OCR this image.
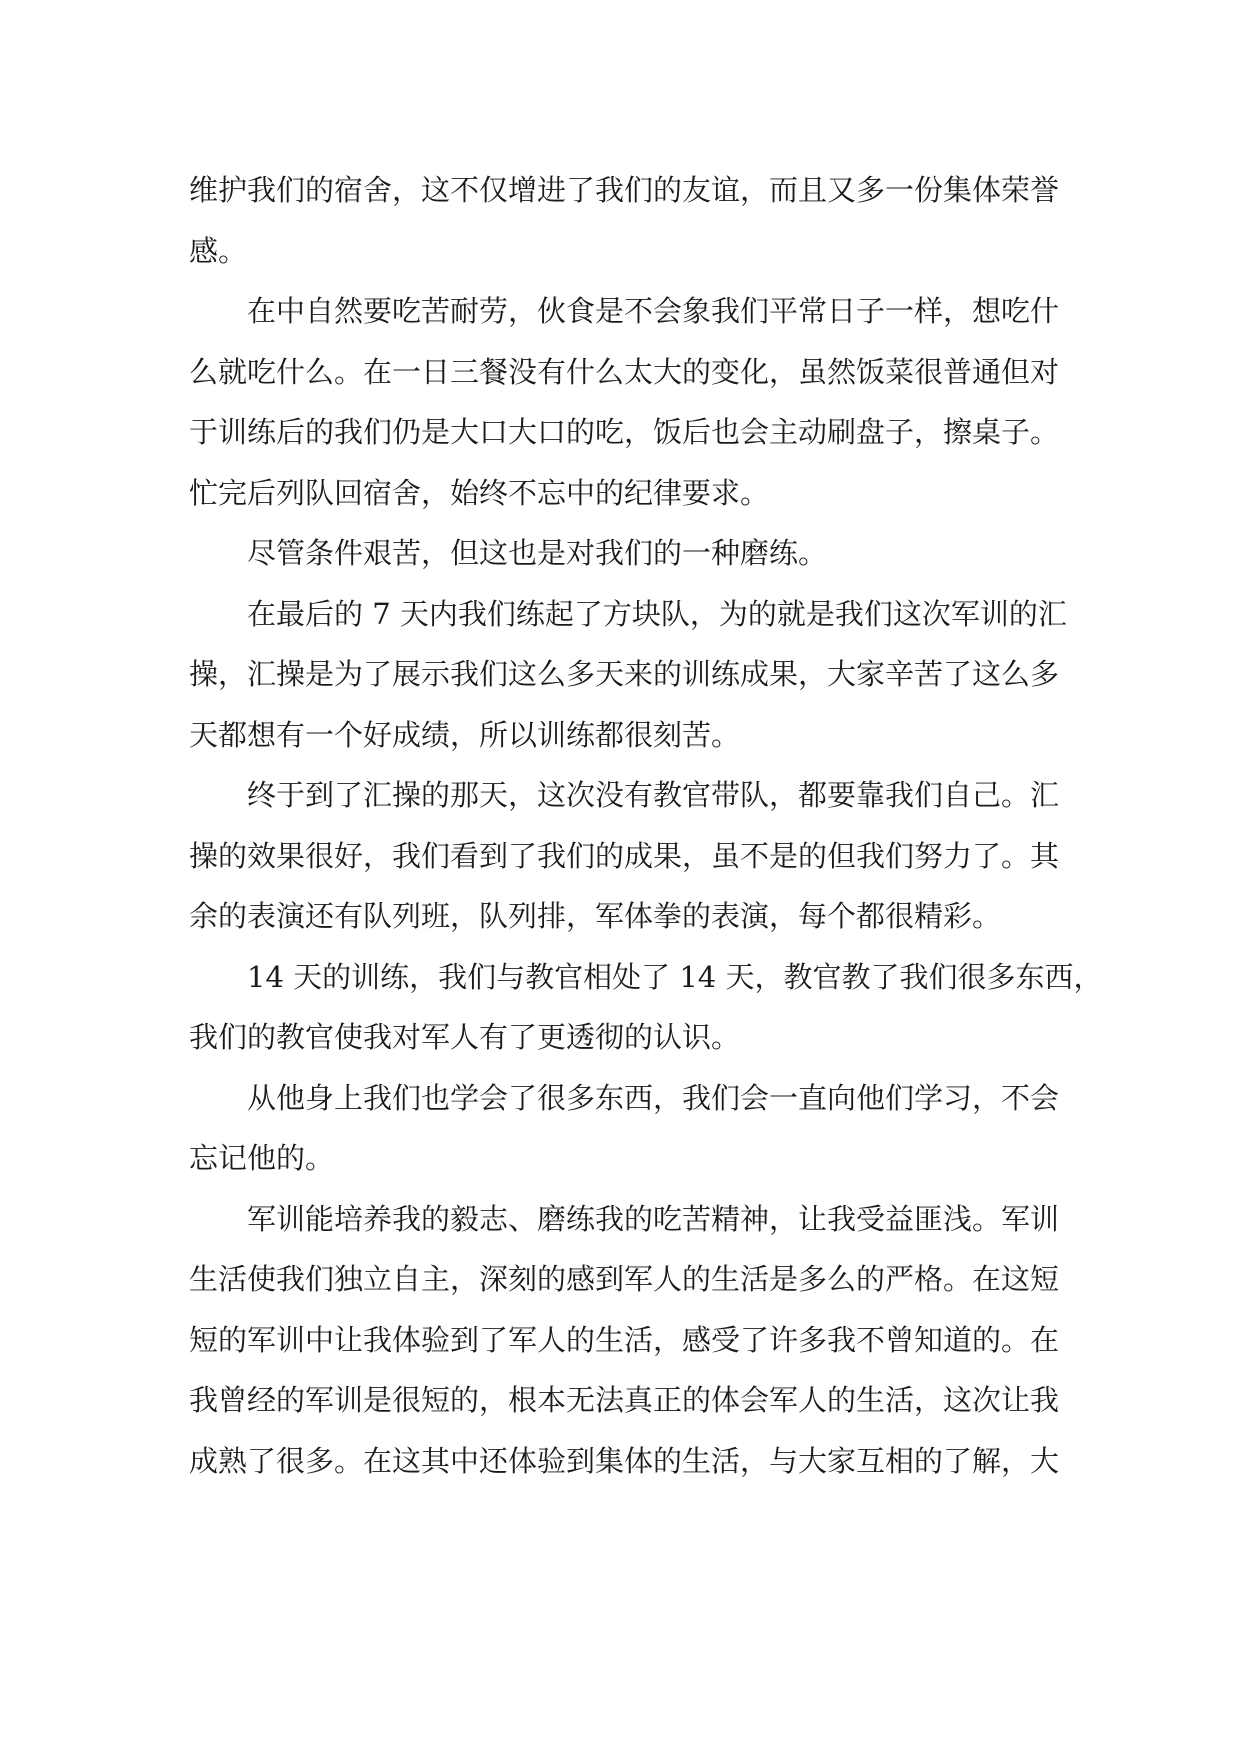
维护我们的宿舍，这不仅增进了我们的友谊，而且又多一份集体荣誉
感。
在中自然要吃苦耐劳，伙食是不会象我们平常日子一样，想吃什
么就吃什么。在一日三餐没有什么太大的变化，虽然饭菜很普通但对
于训练后的我们仍是大口大口的吃，饭后也会主动刷盘子，擦桌子。
忙完后列队回宿舍，始终不忘中的纪律要求。
尽管条件艰苦，但这也是对我们的一种磨练。
在最后的 7 天内我们练起了方块队，为的就是我们这次军训的汇
操，汇操是为了展示我们这么多天来的训练成果，大家辛苦了这么多
天都想有一个好成绩，所以训练都很刻苦。
终于到了汇操的那天，这次没有教官带队，都要靠我们自己。汇
操的效果很好，我们看到了我们的成果，虽不是的但我们努力了。其
余的表演还有队列班，队列排，军体拳的表演，每个都很精彩。
14 天的训练，我们与教官相处了 14 天，教官教了我们很多东西，
我们的教官使我对军人有了更透彻的认识。
从他身上我们也学会了很多东西，我们会一直向他们学习，不会
忘记他的。
军训能培养我的毅志、磨练我的吃苦精神，让我受益匪浅。军训
生活使我们独立自主，深刻的感到军人的生活是多么的严格。在这短
短的军训中让我体验到了军人的生活，感受了许多我不曾知道的。在
我曾经的军训是很短的，根本无法真正的体会军人的生活，这次让我
成熟了很多。在这其中还体验到集体的生活，与大家互相的了解，大
